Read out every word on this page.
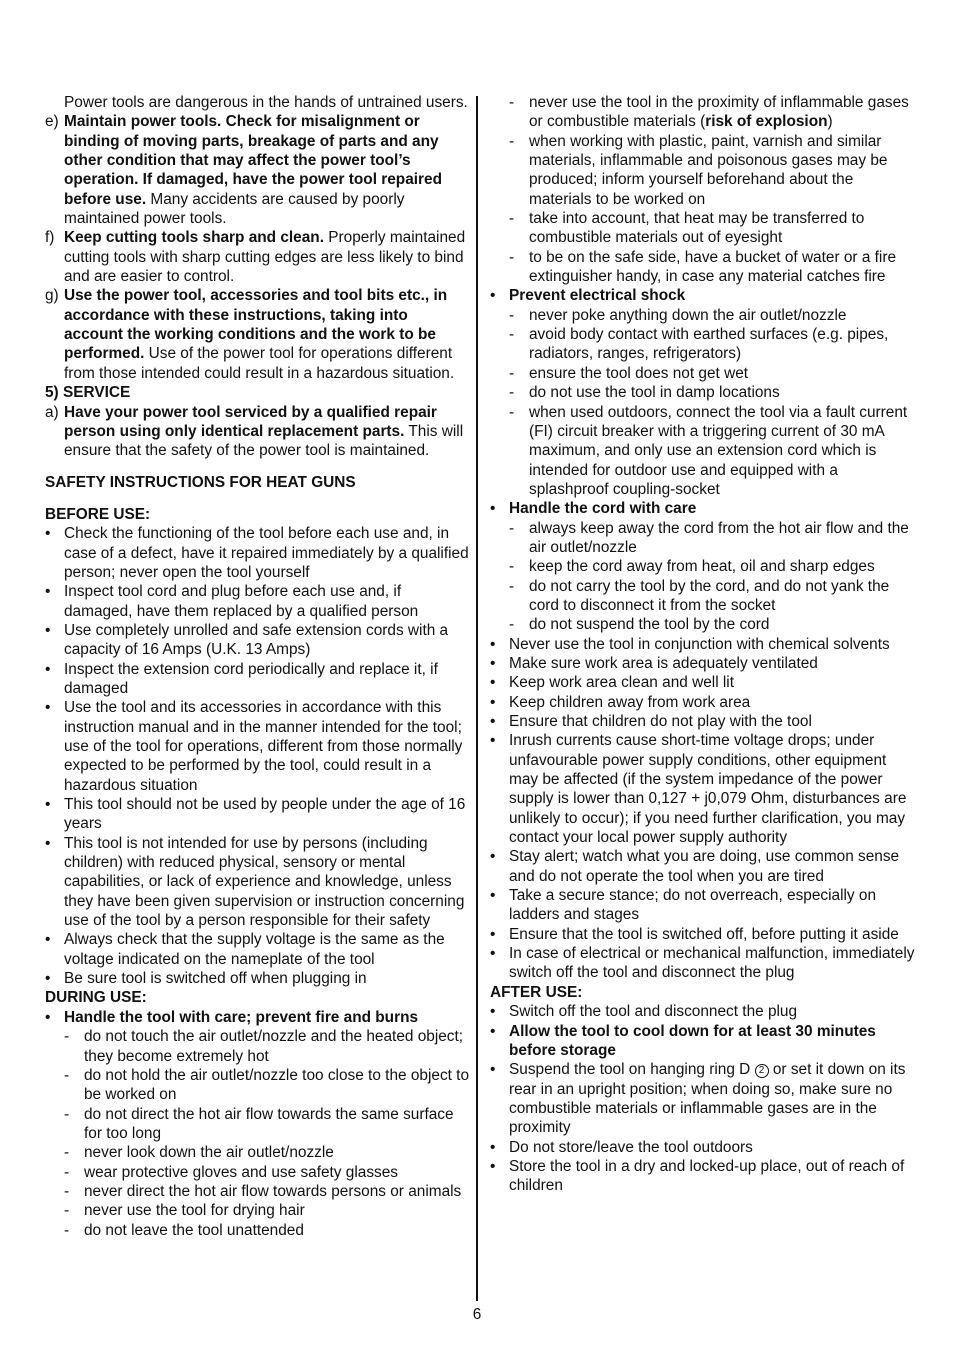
Power tools are dangerous in the hands of untrained users.
e) Maintain power tools. Check for misalignment or binding of moving parts, breakage of parts and any other condition that may affect the power tool’s operation. If damaged, have the power tool repaired before use. Many accidents are caused by poorly maintained power tools.
f) Keep cutting tools sharp and clean. Properly maintained cutting tools with sharp cutting edges are less likely to bind and are easier to control.
g) Use the power tool, accessories and tool bits etc., in accordance with these instructions, taking into account the working conditions and the work to be performed. Use of the power tool for operations different from those intended could result in a hazardous situation.
5) SERVICE
a) Have your power tool serviced by a qualified repair person using only identical replacement parts. This will ensure that the safety of the power tool is maintained.
SAFETY INSTRUCTIONS FOR HEAT GUNS
BEFORE USE:
• Check the functioning of the tool before each use and, in case of a defect, have it repaired immediately by a qualified person; never open the tool yourself
• Inspect tool cord and plug before each use and, if damaged, have them replaced by a qualified person
• Use completely unrolled and safe extension cords with a capacity of 16 Amps (U.K. 13 Amps)
• Inspect the extension cord periodically and replace it, if damaged
• Use the tool and its accessories in accordance with this instruction manual and in the manner intended for the tool; use of the tool for operations, different from those normally expected to be performed by the tool, could result in a hazardous situation
• This tool should not be used by people under the age of 16 years
• This tool is not intended for use by persons (including children) with reduced physical, sensory or mental capabilities, or lack of experience and knowledge, unless they have been given supervision or instruction concerning use of the tool by a person responsible for their safety
• Always check that the supply voltage is the same as the voltage indicated on the nameplate of the tool
• Be sure tool is switched off when plugging in
DURING USE:
• Handle the tool with care; prevent fire and burns
- do not touch the air outlet/nozzle and the heated object; they become extremely hot
- do not hold the air outlet/nozzle too close to the object to be worked on
- do not direct the hot air flow towards the same surface for too long
- never look down the air outlet/nozzle
- wear protective gloves and use safety glasses
- never direct the hot air flow towards persons or animals
- never use the tool for drying hair
- do not leave the tool unattended
- never use the tool in the proximity of inflammable gases or combustible materials (risk of explosion)
- when working with plastic, paint, varnish and similar materials, inflammable and poisonous gases may be produced; inform yourself beforehand about the materials to be worked on
- take into account, that heat may be transferred to combustible materials out of eyesight
- to be on the safe side, have a bucket of water or a fire extinguisher handy, in case any material catches fire
• Prevent electrical shock
- never poke anything down the air outlet/nozzle
- avoid body contact with earthed surfaces (e.g. pipes, radiators, ranges, refrigerators)
- ensure the tool does not get wet
- do not use the tool in damp locations
- when used outdoors, connect the tool via a fault current (FI) circuit breaker with a triggering current of 30 mA maximum, and only use an extension cord which is intended for outdoor use and equipped with a splashproof coupling-socket
• Handle the cord with care
- always keep away the cord from the hot air flow and the air outlet/nozzle
- keep the cord away from heat, oil and sharp edges
- do not carry the tool by the cord, and do not yank the cord to disconnect it from the socket
- do not suspend the tool by the cord
• Never use the tool in conjunction with chemical solvents
• Make sure work area is adequately ventilated
• Keep work area clean and well lit
• Keep children away from work area
• Ensure that children do not play with the tool
• Inrush currents cause short-time voltage drops; under unfavourable power supply conditions, other equipment may be affected (if the system impedance of the power supply is lower than 0,127 + j0,079 Ohm, disturbances are unlikely to occur); if you need further clarification, you may contact your local power supply authority
• Stay alert; watch what you are doing, use common sense and do not operate the tool when you are tired
• Take a secure stance; do not overreach, especially on ladders and stages
• Ensure that the tool is switched off, before putting it aside
• In case of electrical or mechanical malfunction, immediately switch off the tool and disconnect the plug
AFTER USE:
• Switch off the tool and disconnect the plug
• Allow the tool to cool down for at least 30 minutes before storage
• Suspend the tool on hanging ring D 2 or set it down on its rear in an upright position; when doing so, make sure no combustible materials or inflammable gases are in the proximity
• Do not store/leave the tool outdoors
• Store the tool in a dry and locked-up place, out of reach of children
6
